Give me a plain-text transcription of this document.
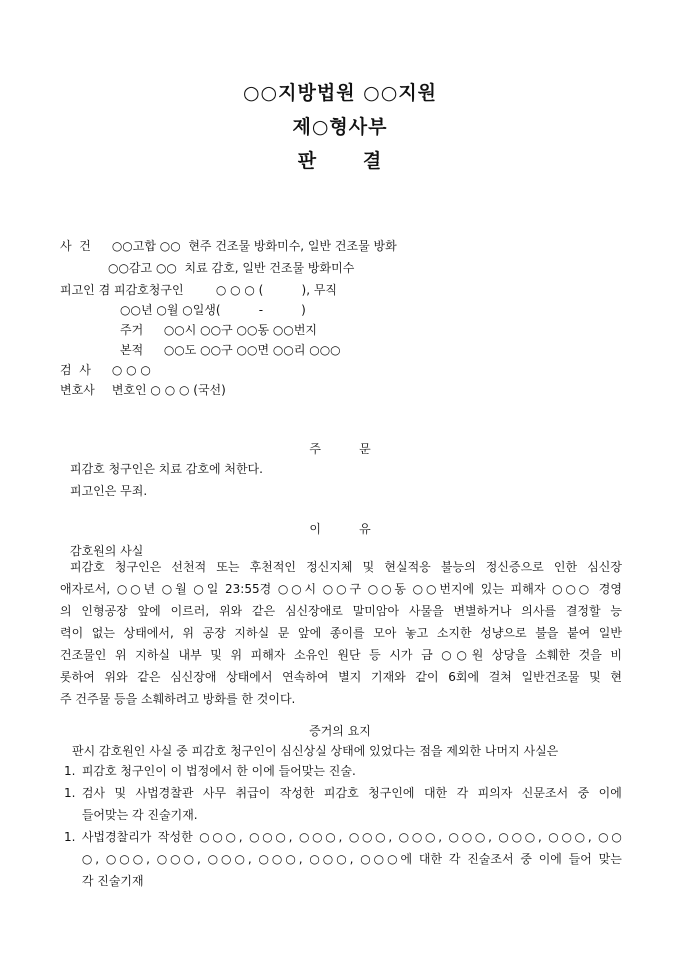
○○지방법원 ○○지원
제○형사부
판      결
사  건 ○○고합 ○○  현주 건조물 방화미수, 일반 건조물 방화
○○감고 ○○  치료 감호, 일반 건조물 방화미수
피고인 겸 피감호청구인	○ ○ ○ (          ), 무직
○○년 ○월 ○일생(          -          )
주거 ○○시 ○○구 ○○동 ○○번지
본적 ○○도 ○○구 ○○면 ○○리 ○○○
검  사 ○ ○ ○
변호사 변호인 ○ ○ ○ (국선)
주          문
피감호 청구인은 치료 감호에 처한다.
피고인은 무죄.
이          유
감호원의 사실
피감호 청구인은 선천적 또는 후천적인 정신지체 및 현실적응 불능의 정신증으로 인한 심신장
애자로서, ○○년 ○월 ○일 23:55경 ○○시 ○○구 ○○동 ○○번지에 있는 피해자 ○○○ 경영
의 인형공장 앞에 이르러, 위와 같은 심신장애로 말미암아 사물을 변별하거나 의사를 결정할 능
력이 없는 상태에서, 위 공장 지하실 문 앞에 종이를 모아 놓고 소지한 성냥으로 불을 붙여 일반
건조물인 위 지하실 내부 및 위 피해자 소유인 원단 등 시가 금 ○○원 상당을 소훼한 것을 비
롯하여 위와 같은 심신장애 상태에서 연속하여 별지 기재와 같이 6회에 걸쳐 일반건조물 및 현
주 건주물 등을 소훼하려고 방화를 한 것이다.
증거의 요지
판시 감호원인 사실 중 피감호 청구인이 심신상실 상태에 있었다는 점을 제외한 나머지 사실은
1. 피감호 청구인이 이 법정에서 한 이에 들어맞는 진술.
1. 검사 및 사법경찰관 사무 취급이 작성한 피감호 청구인에 대한 각 피의자 신문조서 중 이에
들어맞는 각 진술기재.
1. 사법경찰리가 작성한 ○○○, ○○○, ○○○, ○○○, ○○○, ○○○, ○○○, ○○○, ○○
○, ○○○, ○○○, ○○○, ○○○, ○○○, ○○○에 대한 각 진술조서 중 이에 들어 맞는
각 진술기재
